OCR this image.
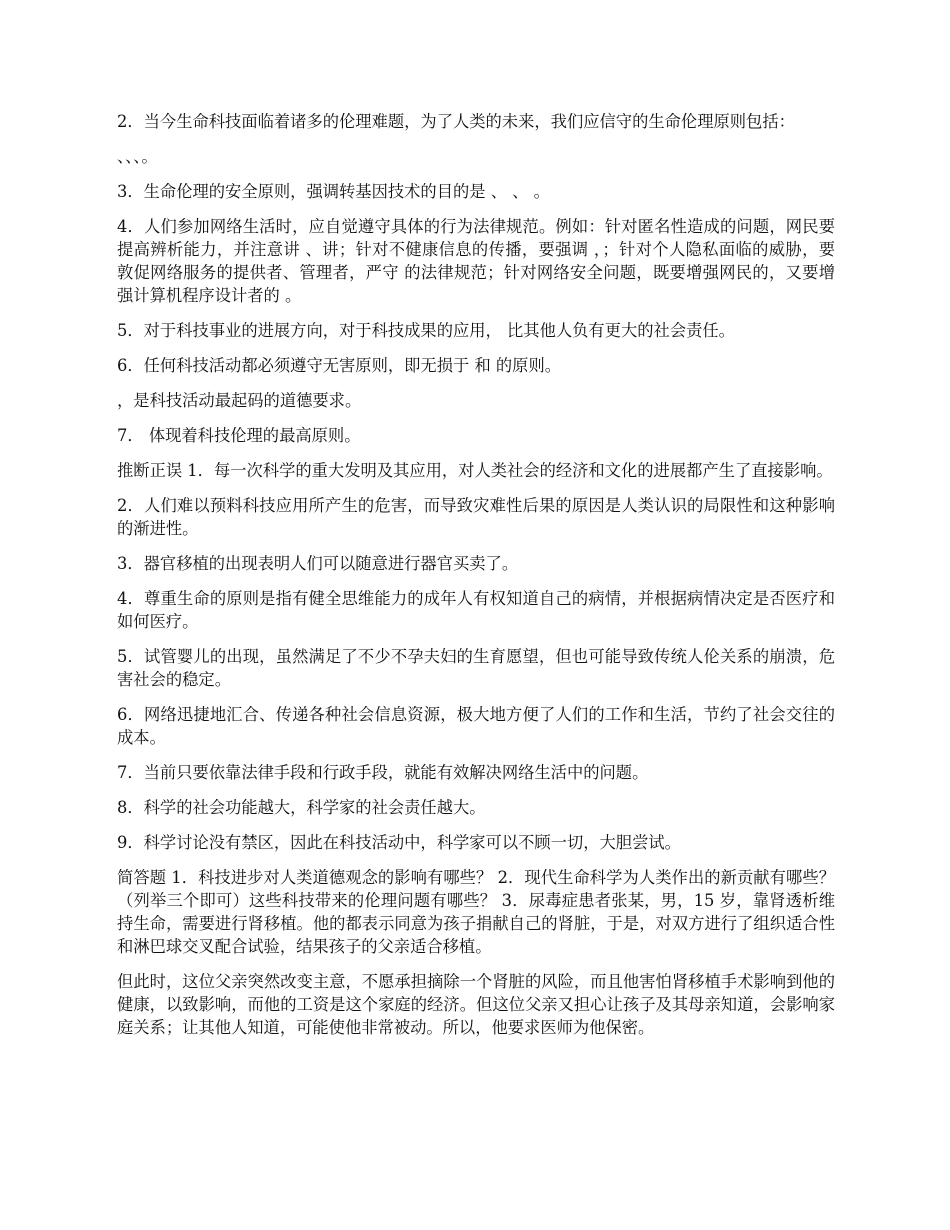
2．当今生命科技面临着诸多的伦理难题，为了人类的未来，我们应信守的生命伦理原则包括：

、、、。

3．生命伦理的安全原则，强调转基因技术的目的是 、 、 。

4．人们参加网络生活时，应自觉遵守具体的行为法律规范。例如：针对匿名性造成的问题，网民要提高辨析能力，并注意讲 、讲；针对不健康信息的传播，要强调 ，；针对个人隐私面临的威胁，要敦促网络服务的提供者、管理者，严守 的法律规范；针对网络安全问题，既要增强网民的，又要增强计算机程序设计者的 。

5．对于科技事业的进展方向，对于科技成果的应用， 比其他人负有更大的社会责任。

6．任何科技活动都必须遵守无害原则，即无损于 和 的原则。

，是科技活动最起码的道德要求。

7． 体现着科技伦理的最高原则。

推断正误 1．每一次科学的重大发明及其应用，对人类社会的经济和文化的进展都产生了直接影响。

2．人们难以预料科技应用所产生的危害，而导致灾难性后果的原因是人类认识的局限性和这种影响的渐进性。

3．器官移植的出现表明人们可以随意进行器官买卖了。

4．尊重生命的原则是指有健全思维能力的成年人有权知道自己的病情，并根据病情决定是否医疗和如何医疗。

5．试管婴儿的出现，虽然满足了不少不孕夫妇的生育愿望，但也可能导致传统人伦关系的崩溃，危害社会的稳定。

6．网络迅捷地汇合、传递各种社会信息资源，极大地方便了人们的工作和生活，节约了社会交往的成本。

7．当前只要依靠法律手段和行政手段，就能有效解决网络生活中的问题。

8．科学的社会功能越大，科学家的社会责任越大。

9．科学讨论没有禁区，因此在科技活动中，科学家可以不顾一切，大胆尝试。

简答题 1．科技进步对人类道德观念的影响有哪些？ 2．现代生命科学为人类作出的新贡献有哪些？（列举三个即可）这些科技带来的伦理问题有哪些？ 3．尿毒症患者张某，男，15 岁，靠肾透析维持生命，需要进行肾移植。他的都表示同意为孩子捐献自己的肾脏，于是，对双方进行了组织适合性和淋巴球交叉配合试验，结果孩子的父亲适合移植。

但此时，这位父亲突然改变主意，不愿承担摘除一个肾脏的风险，而且他害怕肾移植手术影响到他的健康，以致影响，而他的工资是这个家庭的经济。但这位父亲又担心让孩子及其母亲知道，会影响家庭关系；让其他人知道，可能使他非常被动。所以，他要求医师为他保密。
